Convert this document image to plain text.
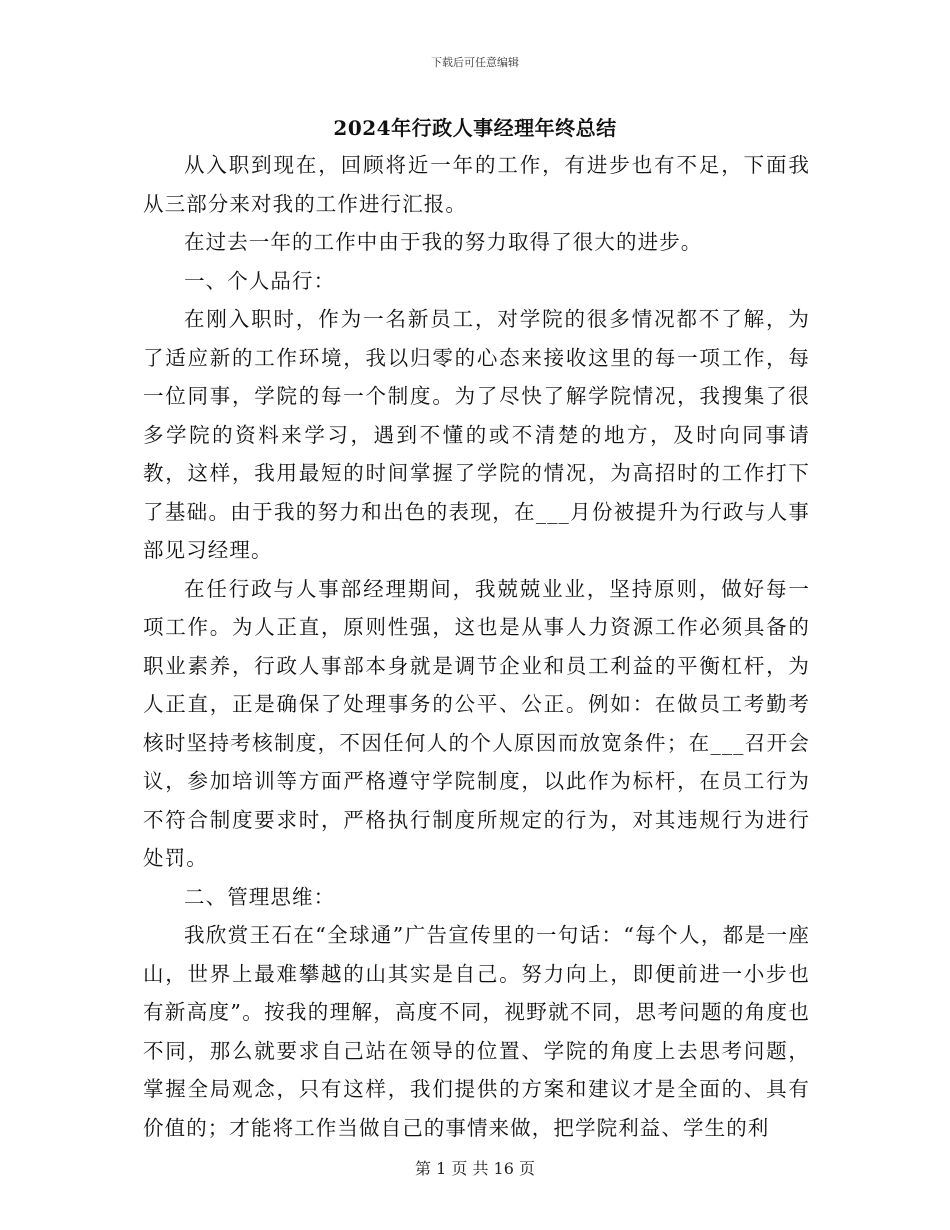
下载后可任意编辑
2024年行政人事经理年终总结

从入职到现在，回顾将近一年的工作，有进步也有不足，下面我从三部分来对我的工作进行汇报。

在过去一年的工作中由于我的努力取得了很大的进步。

一、个人品行：

在刚入职时，作为一名新员工，对学院的很多情况都不了解，为了适应新的工作环境，我以归零的心态来接收这里的每一项工作，每一位同事，学院的每一个制度。为了尽快了解学院情况，我搜集了很多学院的资料来学习，遇到不懂的或不清楚的地方，及时向同事请教，这样，我用最短的时间掌握了学院的情况，为高招时的工作打下了基础。由于我的努力和出色的表现，在___月份被提升为行政与人事部见习经理。

在任行政与人事部经理期间，我兢兢业业，坚持原则，做好每一项工作。为人正直，原则性强，这也是从事人力资源工作必须具备的职业素养，行政人事部本身就是调节企业和员工利益的平衡杠杆，为人正直，正是确保了处理事务的公平、公正。例如：在做员工考勤考核时坚持考核制度，不因任何人的个人原因而放宽条件；在___召开会议，参加培训等方面严格遵守学院制度，以此作为标杆，在员工行为不符合制度要求时，严格执行制度所规定的行为，对其违规行为进行处罚。

二、管理思维：

我欣赏王石在“全球通”广告宣传里的一句话：“每个人，都是一座山，世界上最难攀越的山其实是自己。努力向上，即便前进一小步也有新高度”。按我的理解，高度不同，视野就不同，思考问题的角度也不同，那么就要求自己站在领导的位置、学院的角度上去思考问题，掌握全局观念，只有这样，我们提供的方案和建议才是全面的、具有价值的；才能将工作当做自己的事情来做，把学院利益、学生的利

第 1 页 共 16 页
